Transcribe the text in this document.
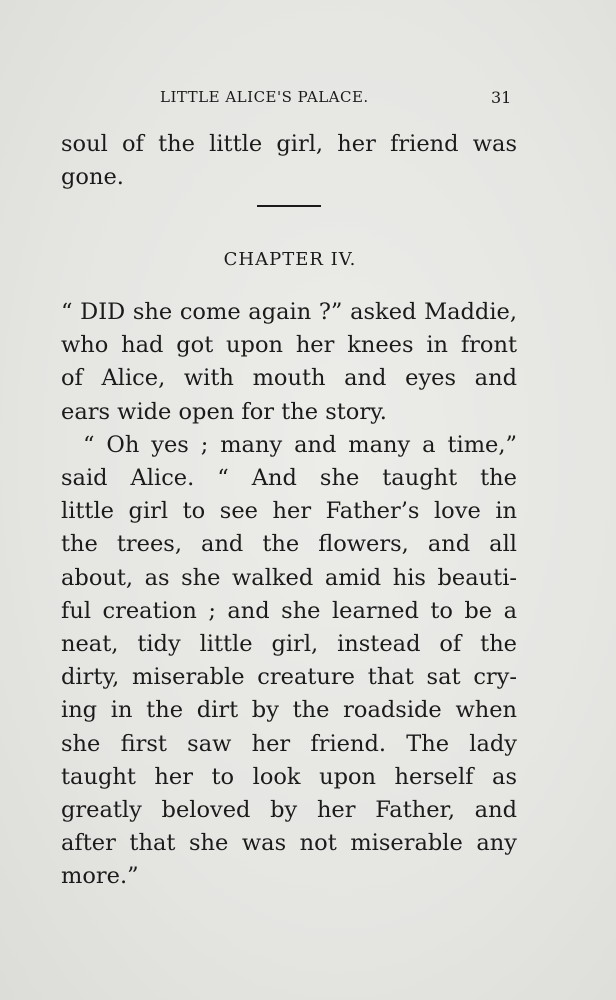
LITTLE ALICE'S PALACE.	31
soul of the little girl, her friend was
gone.
CHAPTER IV.
“ DID she come again ?” asked Maddie,
who had got upon her knees in front
of Alice, with mouth and eyes and
ears wide open for the story.
“ Oh yes ; many and many a time,”
said Alice. “ And she taught the
little girl to see her Father’s love in
the trees, and the flowers, and all
about, as she walked amid his beauti-
ful creation ; and she learned to be a
neat, tidy little girl, instead of the
dirty, miserable creature that sat cry-
ing in the dirt by the roadside when
she first saw her friend. The lady
taught her to look upon herself as
greatly beloved by her Father, and
after that she was not miserable any
more.”
